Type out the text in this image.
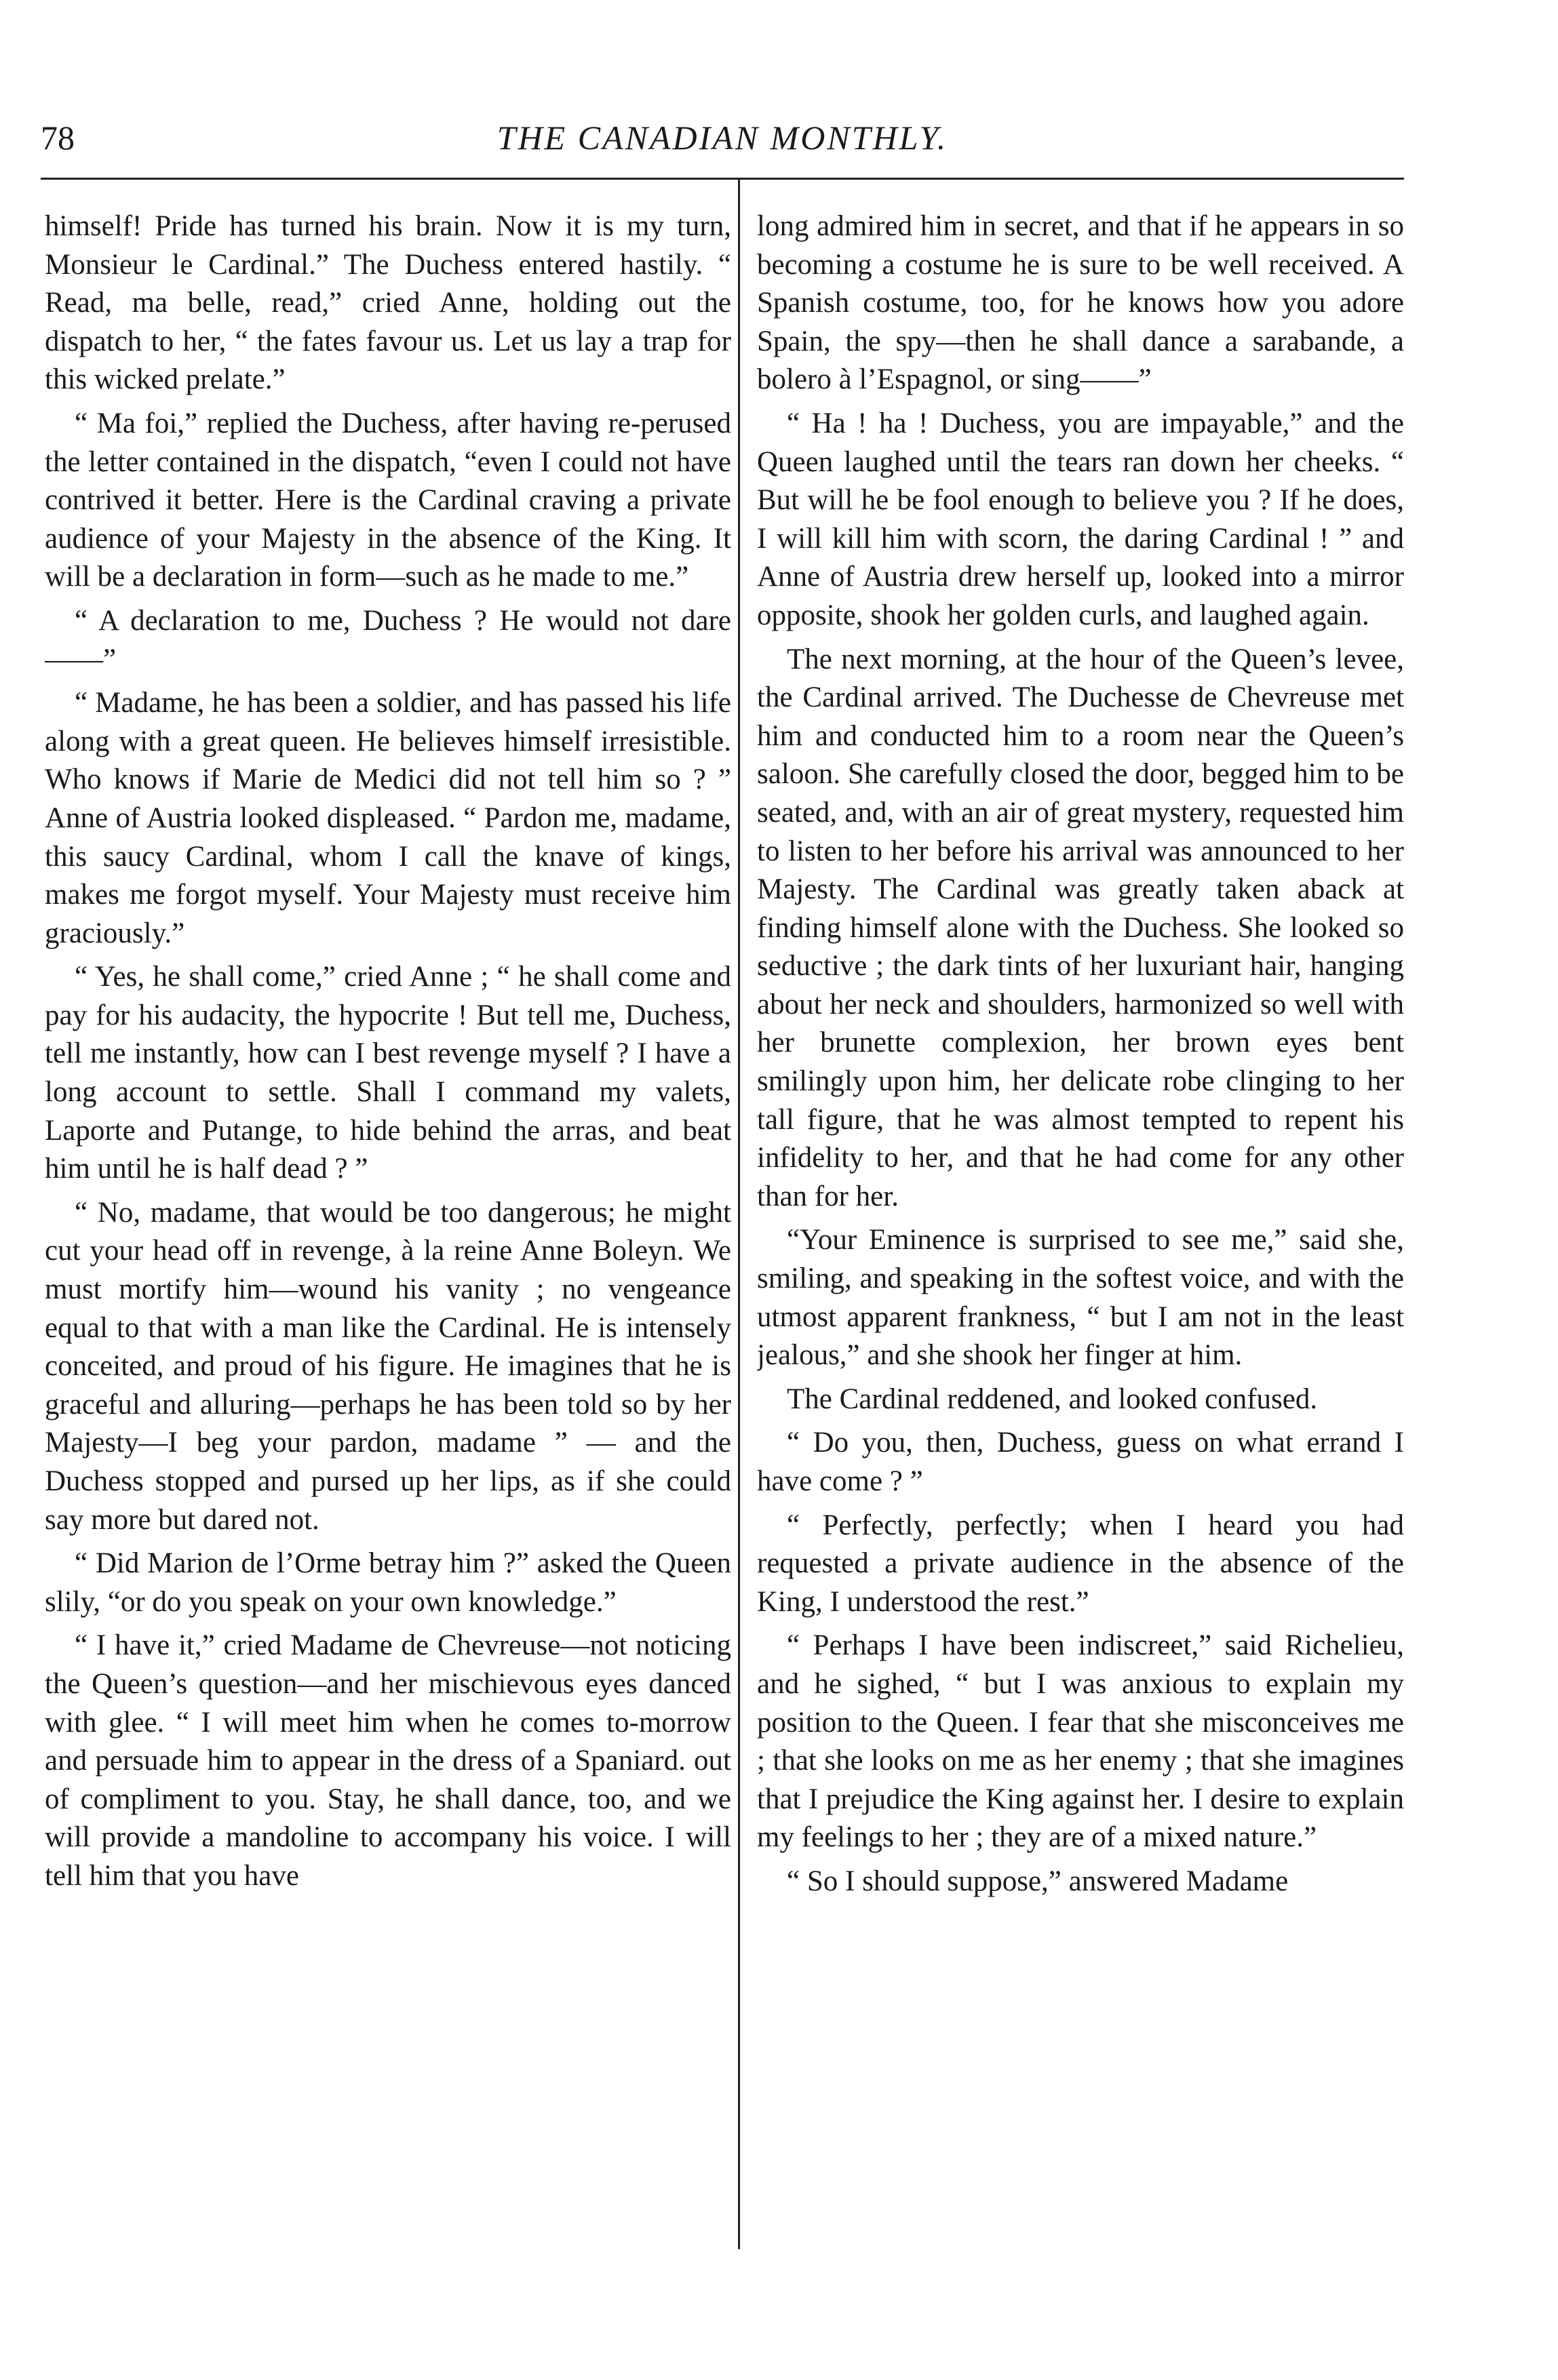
78	THE CANADIAN MONTHLY.

himself! Pride has turned his brain. Now it is my turn, Monsieur le Cardinal.” The Duchess entered hastily. “ Read, ma belle, read,” cried Anne, holding out the dispatch to her, “ the fates favour us. Let us lay a trap for this wicked prelate.”

“ Ma foi,” replied the Duchess, after having re-perused the letter contained in the dispatch, “even I could not have contrived it better. Here is the Cardinal craving a private audience of your Majesty in the absence of the King. It will be a declaration in form—such as he made to me.”

“ A declaration to me, Duchess ? He would not dare——”

“ Madame, he has been a soldier, and has passed his life along with a great queen. He believes himself irresistible. Who knows if Marie de Medici did not tell him so ? ” Anne of Austria looked displeased. “ Pardon me, madame, this saucy Cardinal, whom I call the knave of kings, makes me forgot myself. Your Majesty must receive him graciously.”

“ Yes, he shall come,” cried Anne ; “ he shall come and pay for his audacity, the hypocrite ! But tell me, Duchess, tell me instantly, how can I best revenge myself ? I have a long account to settle. Shall I command my valets, Laporte and Putange, to hide behind the arras, and beat him until he is half dead ? ”

“ No, madame, that would be too dangerous; he might cut your head off in revenge, à la reine Anne Boleyn. We must mortify him—wound his vanity ; no vengeance equal to that with a man like the Cardinal. He is intensely conceited, and proud of his figure. He imagines that he is graceful and alluring—perhaps he has been told so by her Majesty—I beg your pardon, madame ” — and the Duchess stopped and pursed up her lips, as if she could say more but dared not.

“ Did Marion de l’Orme betray him ?” asked the Queen slily, “or do you speak on your own knowledge.”

“ I have it,” cried Madame de Chevreuse—not noticing the Queen’s question—and her mischievous eyes danced with glee. “ I will meet him when he comes to-morrow and persuade him to appear in the dress of a Spaniard. out of compliment to you. Stay, he shall dance, too, and we will provide a mandoline to accompany his voice. I will tell him that you have

long admired him in secret, and that if he appears in so becoming a costume he is sure to be well received. A Spanish costume, too, for he knows how you adore Spain, the spy—then he shall dance a sarabande, a bolero à l’Espagnol, or sing——”

“ Ha ! ha ! Duchess, you are impayable,” and the Queen laughed until the tears ran down her cheeks. “ But will he be fool enough to believe you ? If he does, I will kill him with scorn, the daring Cardinal ! ” and Anne of Austria drew herself up, looked into a mirror opposite, shook her golden curls, and laughed again.

The next morning, at the hour of the Queen’s levee, the Cardinal arrived. The Duchesse de Chevreuse met him and conducted him to a room near the Queen’s saloon. She carefully closed the door, begged him to be seated, and, with an air of great mystery, requested him to listen to her before his arrival was announced to her Majesty. The Cardinal was greatly taken aback at finding himself alone with the Duchess. She looked so seductive ; the dark tints of her luxuriant hair, hanging about her neck and shoulders, harmonized so well with her brunette complexion, her brown eyes bent smilingly upon him, her delicate robe clinging to her tall figure, that he was almost tempted to repent his infidelity to her, and that he had come for any other than for her.

“Your Eminence is surprised to see me,” said she, smiling, and speaking in the softest voice, and with the utmost apparent frankness, “ but I am not in the least jealous,” and she shook her finger at him.

The Cardinal reddened, and looked confused.

“ Do you, then, Duchess, guess on what errand I have come ? ”

“ Perfectly, perfectly; when I heard you had requested a private audience in the absence of the King, I understood the rest.”

“ Perhaps I have been indiscreet,” said Richelieu, and he sighed, “ but I was anxious to explain my position to the Queen. I fear that she misconceives me ; that she looks on me as her enemy ; that she imagines that I prejudice the King against her. I desire to explain my feelings to her ; they are of a mixed nature.”

“ So I should suppose,” answered Madame
